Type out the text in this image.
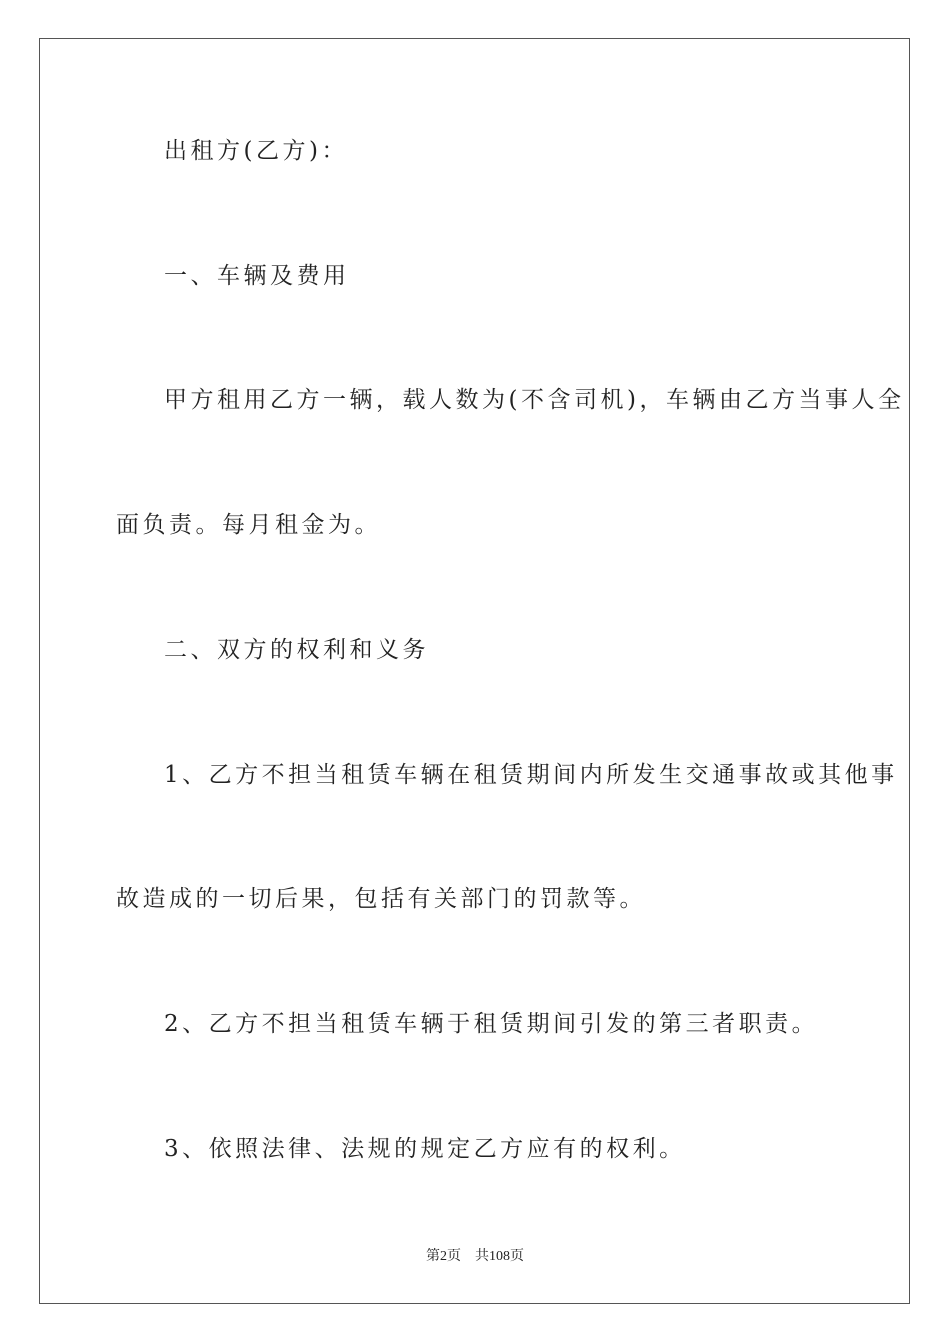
出租方(乙方)：
一、车辆及费用
甲方租用乙方一辆，载人数为(不含司机)，车辆由乙方当事人全
面负责。每月租金为。
二、双方的权利和义务
1、乙方不担当租赁车辆在租赁期间内所发生交通事故或其他事
故造成的一切后果，包括有关部门的罚款等。
2、乙方不担当租赁车辆于租赁期间引发的第三者职责。
3、依照法律、法规的规定乙方应有的权利。
第2页 共108页
